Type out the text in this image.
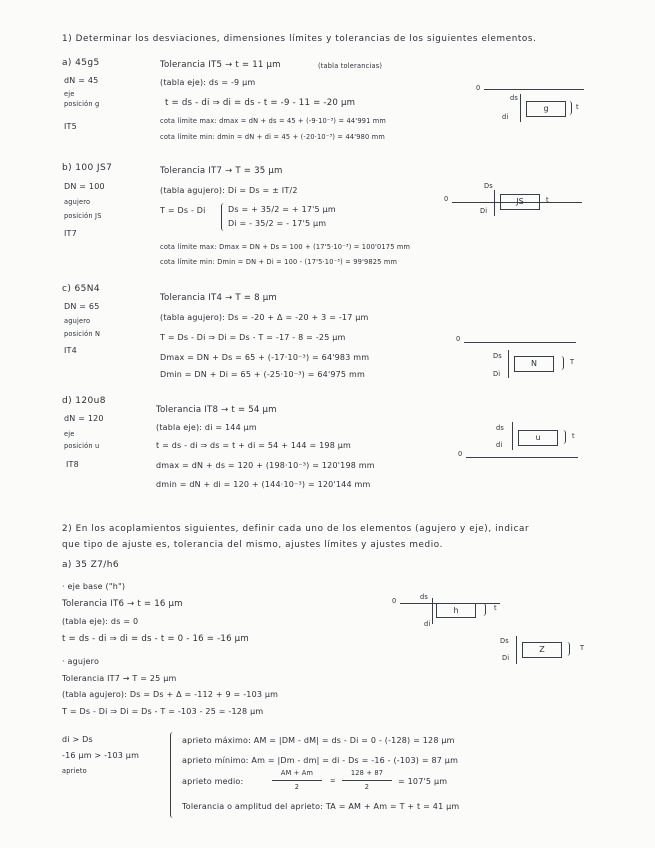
1) Determinar los desviaciones, dimensiones límites y tolerancias de los siguientes elementos.
a) 45g5
dN = 45
eje
posición g
IT5
Tolerancia IT5 → t = 11 μm	(tabla tolerancias)
(tabla eje): ds = -9 μm
t = ds - di ⇒ di = ds - t = -9 - 11 = -20 μm
cota límite max: dmax = dN + ds = 45 + (-9·10⁻³) = 44'991 mm
cota límite min: dmin = dN + di = 45 + (-20·10⁻³) = 44'980 mm
0
ds
di
g	t
b) 100 JS7
DN = 100
agujero
posición JS
IT7
Tolerancia IT7 → T = 35 μm
(tabla agujero): Di = Ds = ± IT/2
T = Ds - Di	Ds = + 35/2 = + 17'5 μm
Di = - 35/2 = - 17'5 μm
cota límite max: Dmax = DN + Ds = 100 + (17'5·10⁻³) = 100'0175 mm
cota límite min: Dmin = DN + Di = 100 - (17'5·10⁻³) = 99'9825 mm
0
Ds
Di
JS	t
c) 65N4
DN = 65
agujero
posición N
IT4
Tolerancia IT4 → T = 8 μm
(tabla agujero): Ds = -20 + Δ = -20 + 3 = -17 μm
T = Ds - Di ⇒ Di = Ds - T = -17 - 8 = -25 μm
Dmax = DN + Ds = 65 + (-17·10⁻³) = 64'983 mm
Dmin = DN + Di = 65 + (-25·10⁻³) = 64'975 mm
0
Ds
Di
N	T
d) 120u8
dN = 120
eje
posición u
IT8
Tolerancia IT8 → t = 54 μm
(tabla eje): di = 144 μm
t = ds - di ⇒ ds = t + di = 54 + 144 = 198 μm
dmax = dN + ds = 120 + (198·10⁻³) = 120'198 mm
dmin = dN + di = 120 + (144·10⁻³) = 120'144 mm
0
ds
di
u	t
2) En los acoplamientos siguientes, definir cada uno de los elementos (agujero y eje), indicar
que tipo de ajuste es, tolerancia del mismo, ajustes límites y ajustes medio.
a) 35 Z7/h6
· eje base ("h")
Tolerancia IT6 → t = 16 μm
(tabla eje): ds = 0
t = ds - di ⇒ di = ds - t = 0 - 16 = -16 μm
· agujero
Tolerancia IT7 → T = 25 μm
(tabla agujero): Ds = Ds + Δ = -112 + 9 = -103 μm
T = Ds - Di ⇒ Di = Ds - T = -103 - 25 = -128 μm
0	ds
di
h	t
Ds
Di
Z	T
di > Ds
-16 μm > -103 μm
aprieto
aprieto máximo: AM = |DM - dM| = ds - Di = 0 - (-128) = 128 μm
aprieto mínimo: Am = |Dm - dm| = di - Ds = -16 - (-103) = 87 μm
aprieto medio:
AM + Am
2
=
128 + 87
2
= 107'5 μm
Tolerancia o amplitud del aprieto: TA = AM + Am = T + t = 41 μm
